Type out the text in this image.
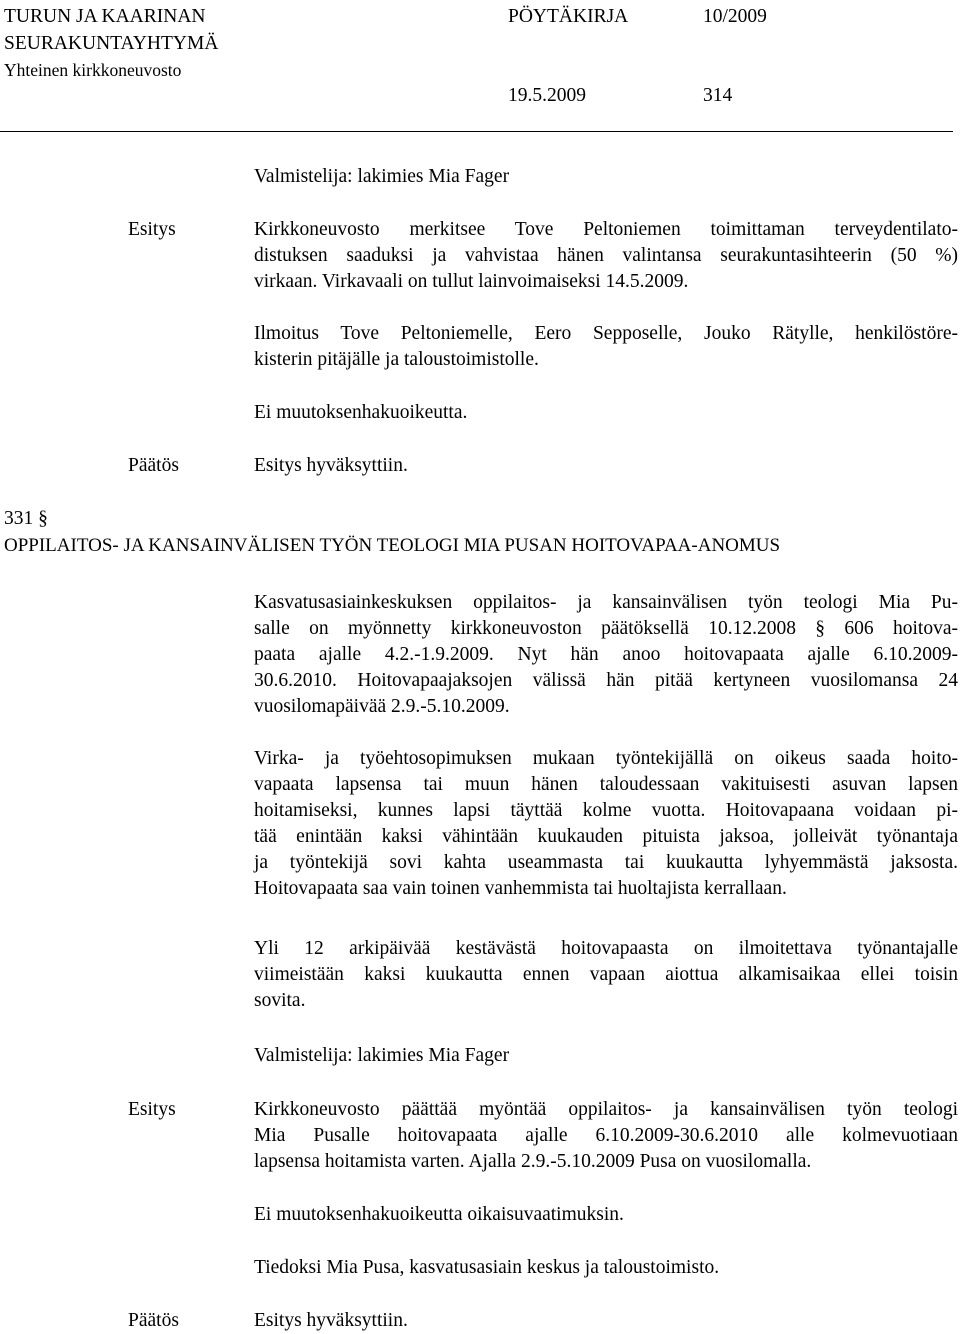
TURUN JA KAARINAN
SEURAKUNTAYHTYMÄ
Yhteinen kirkkoneuvosto
PÖYTÄKIRJA	10/2009
19.5.2009	314
Valmistelija: lakimies Mia Fager
Esitys	Kirkkoneuvosto merkitsee Tove Peltoniemen toimittaman terveydentilato-
distuksen saaduksi ja vahvistaa hänen valintansa seurakuntasihteerin (50 %)
virkaan. Virkavaali on tullut lainvoimaiseksi 14.5.2009.
Ilmoitus Tove Peltoniemelle, Eero Sepposelle, Jouko Rätylle, henkilöstöre-
kisterin pitäjälle ja taloustoimistolle.
Ei muutoksenhakuoikeutta.
Päätös	Esitys hyväksyttiin.
331 §
OPPILAITOS- JA KANSAINVÄLISEN TYÖN TEOLOGI MIA PUSAN HOITOVAPAA-ANOMUS
Kasvatusasiainkeskuksen oppilaitos- ja kansainvälisen työn teologi Mia Pu-
salle on myönnetty kirkkoneuvoston päätöksellä 10.12.2008 § 606 hoitova-
paata ajalle 4.2.-1.9.2009. Nyt hän anoo hoitovapaata ajalle 6.10.2009-
30.6.2010. Hoitovapaajaksojen välissä hän pitää kertyneen vuosilomansa 24
vuosilomapäivää 2.9.-5.10.2009.
Virka- ja työehtosopimuksen mukaan työntekijällä on oikeus saada hoito-
vapaata lapsensa tai muun hänen taloudessaan vakituisesti asuvan lapsen
hoitamiseksi, kunnes lapsi täyttää kolme vuotta. Hoitovapaana voidaan pi-
tää enintään kaksi vähintään kuukauden pituista jaksoa, jolleivät työnantaja
ja työntekijä sovi kahta useammasta tai kuukautta lyhyemmästä jaksosta.
Hoitovapaata saa vain toinen vanhemmista tai huoltajista kerrallaan.
Yli 12 arkipäivää kestävästä hoitovapaasta on ilmoitettava työnantajalle
viimeistään kaksi kuukautta ennen vapaan aiottua alkamisaikaa ellei toisin
sovita.
Valmistelija: lakimies Mia Fager
Esitys	Kirkkoneuvosto päättää myöntää oppilaitos- ja kansainvälisen työn teologi
Mia Pusalle hoitovapaata ajalle 6.10.2009-30.6.2010 alle kolmevuotiaan
lapsensa hoitamista varten. Ajalla 2.9.-5.10.2009 Pusa on vuosilomalla.
Ei muutoksenhakuoikeutta oikaisuvaatimuksin.
Tiedoksi Mia Pusa, kasvatusasiain keskus ja taloustoimisto.
Päätös	Esitys hyväksyttiin.
